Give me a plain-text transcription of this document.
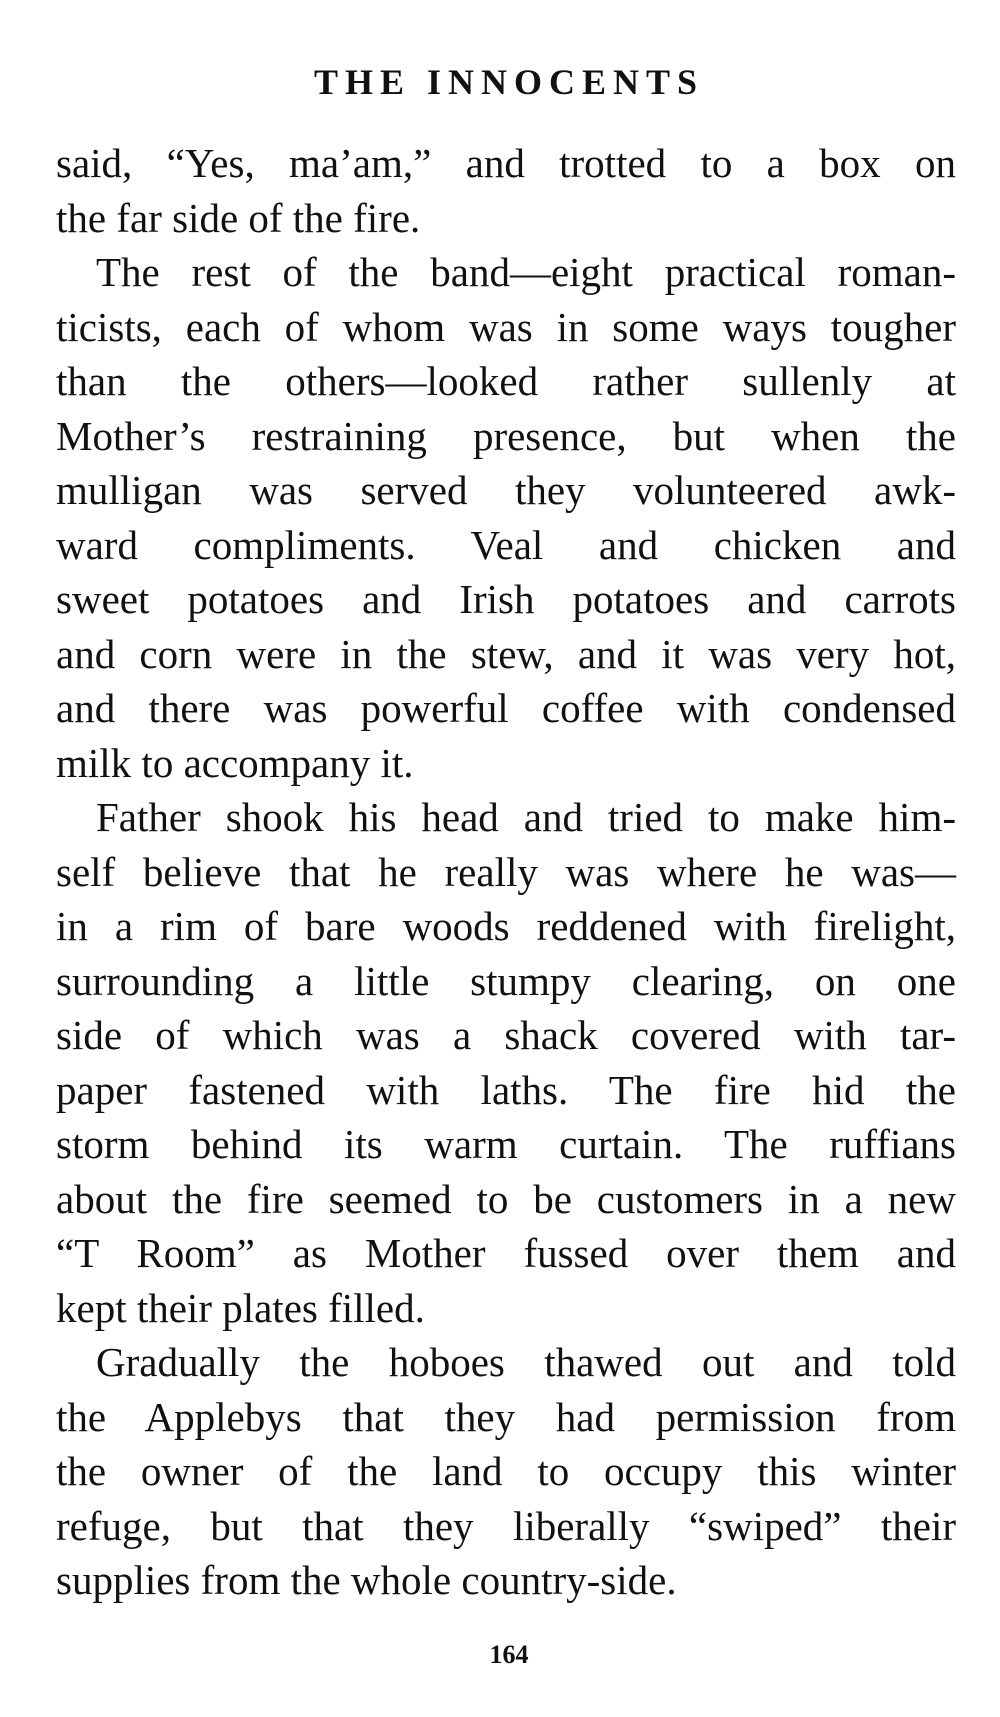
THE INNOCENTS

said, “Yes, ma’am,” and trotted to a box on
the far side of the fire.

The rest of the band—eight practical roman-
ticists, each of whom was in some ways tougher
than the others—looked rather sullenly at
Mother’s restraining presence, but when the
mulligan was served they volunteered awk-
ward compliments. Veal and chicken and
sweet potatoes and Irish potatoes and carrots
and corn were in the stew, and it was very hot,
and there was powerful coffee with condensed
milk to accompany it.

Father shook his head and tried to make him-
self believe that he really was where he was—
in a rim of bare woods reddened with firelight,
surrounding a little stumpy clearing, on one
side of which was a shack covered with tar-
paper fastened with laths. The fire hid the
storm behind its warm curtain. The ruffians
about the fire seemed to be customers in a new
“T Room” as Mother fussed over them and
kept their plates filled.

Gradually the hoboes thawed out and told
the Applebys that they had permission from
the owner of the land to occupy this winter
refuge, but that they liberally “swiped” their
supplies from the whole country-side.

164
